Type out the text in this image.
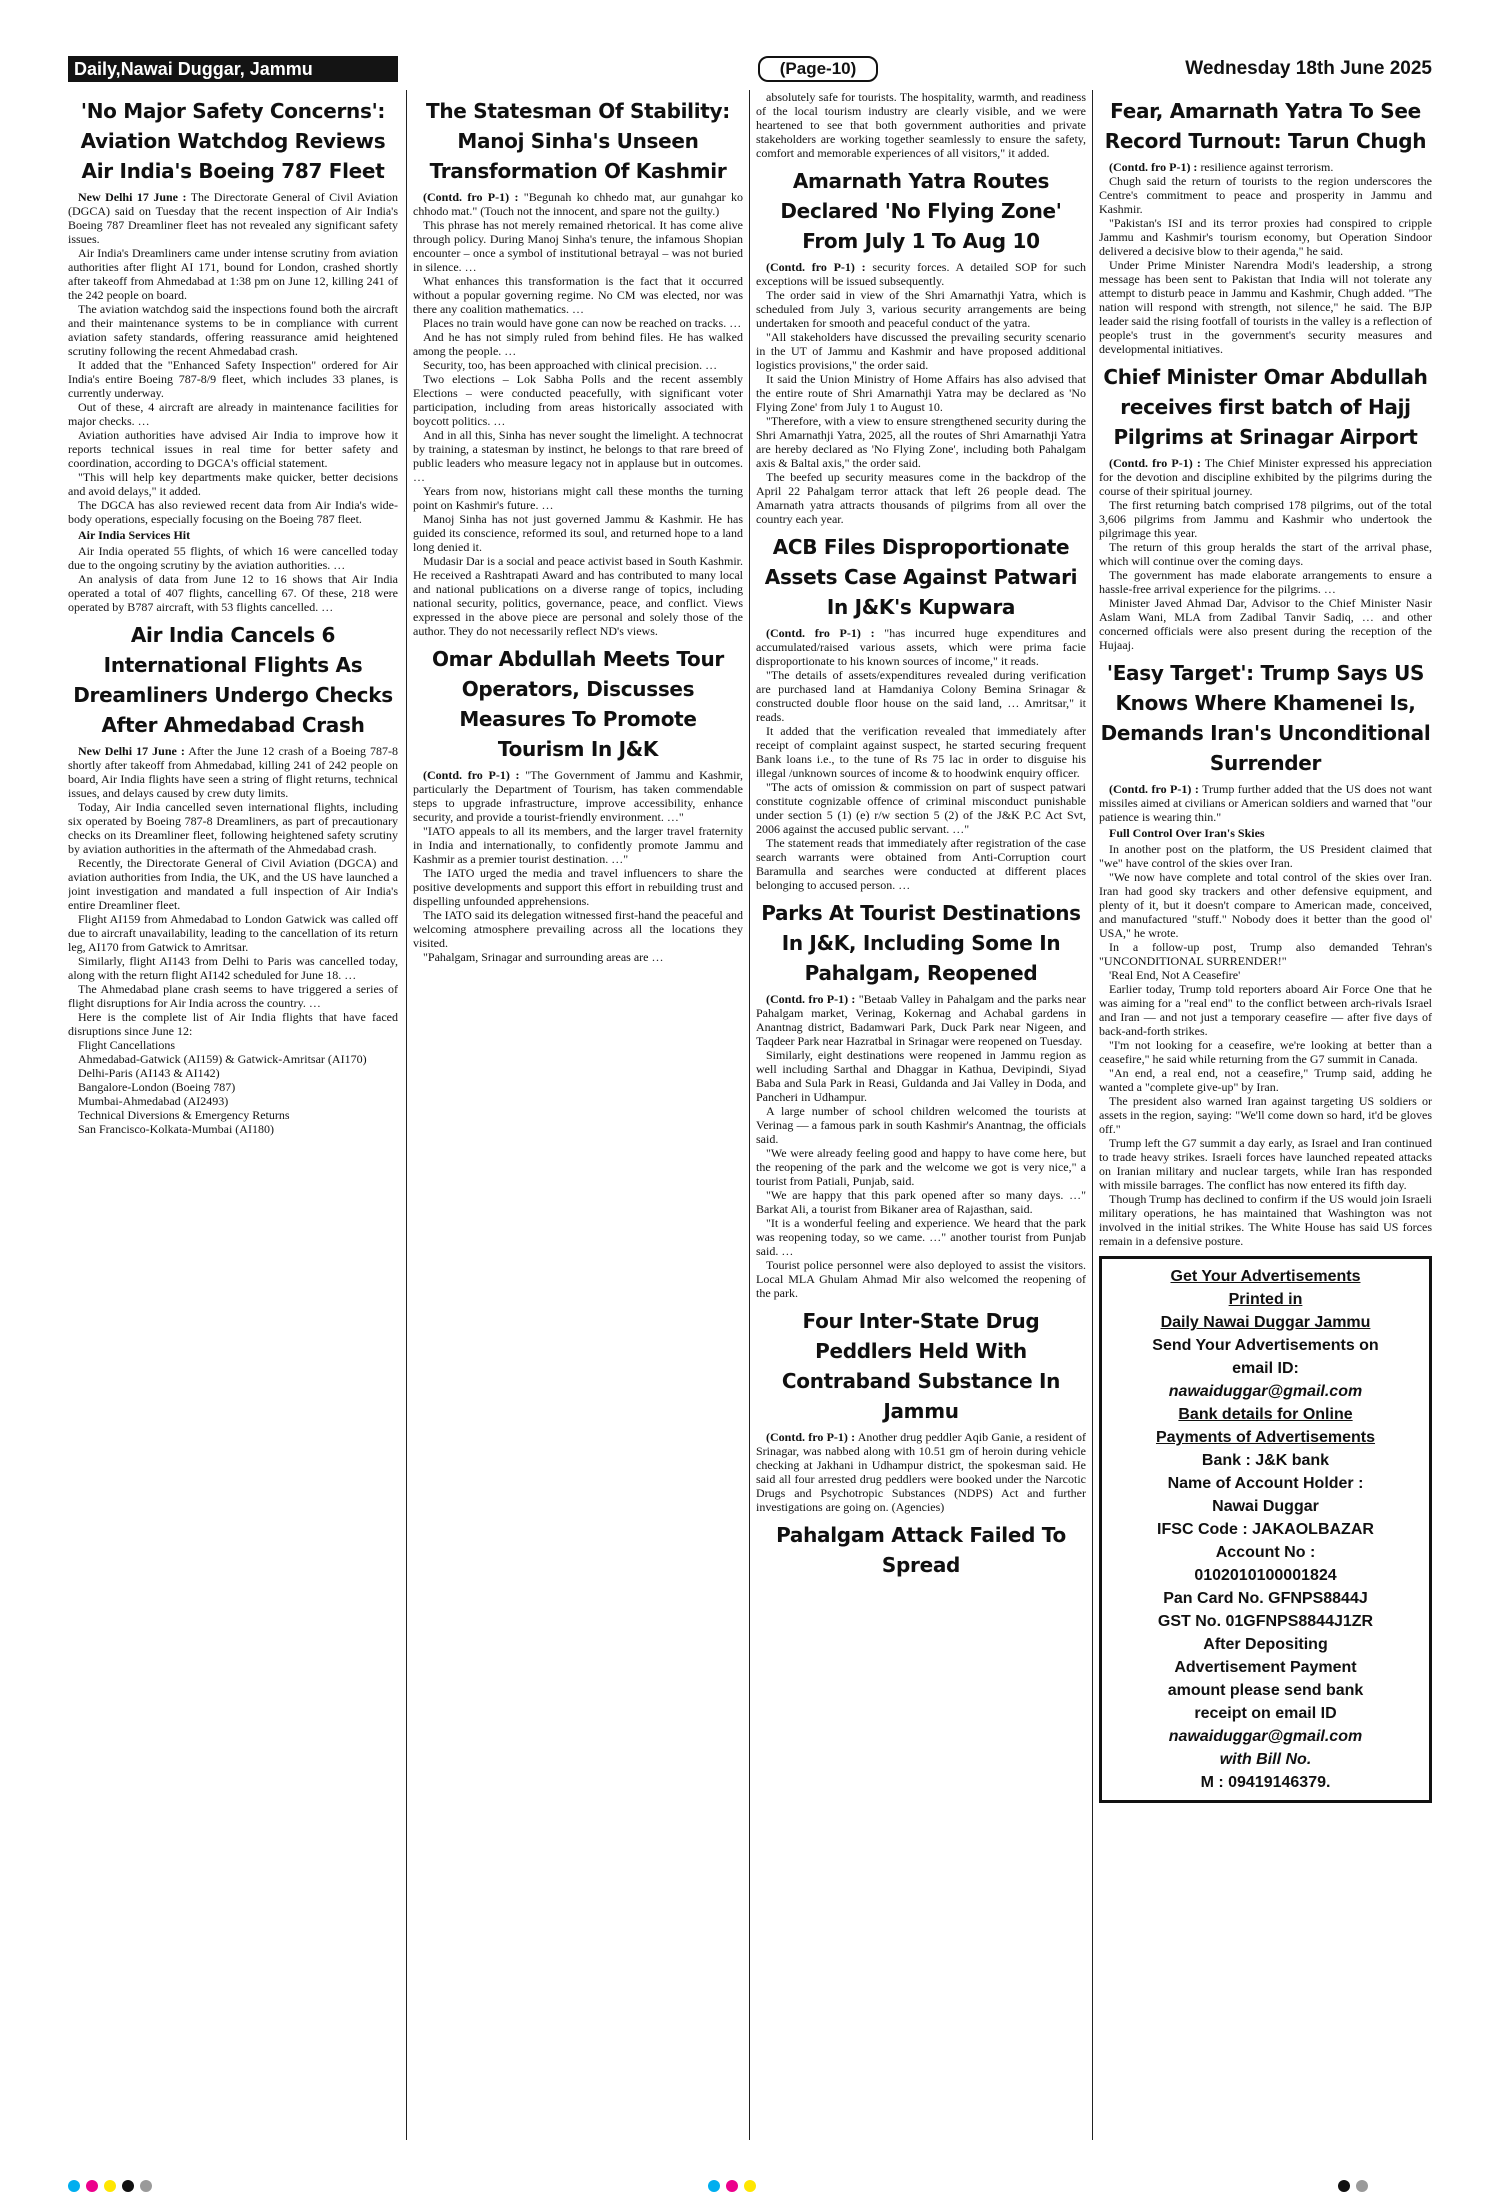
Daily,Nawai Duggar, Jammu	(Page-10)	Wednesday 18th June 2025
'No Major Safety Concerns': Aviation Watchdog Reviews Air India's Boeing 787 Fleet

New Delhi 17 June : The Directorate General of Civil Aviation (DGCA) said on Tuesday that the recent inspection of Air India's Boeing 787 Dreamliner fleet has not revealed any significant safety issues.

Air India's Dreamliners came under intense scrutiny from aviation authorities after flight AI 171, bound for London, crashed shortly after takeoff from Ahmedabad at 1:38 pm on June 12, killing 241 of the 242 people on board.

The aviation watchdog said the inspections found both the aircraft and their maintenance systems to be in compliance with current aviation safety standards, offering reassurance amid heightened scrutiny following the recent Ahmedabad crash.

It added that the "Enhanced Safety Inspection" ordered for Air India's entire Boeing 787-8/9 fleet, which includes 33 planes, is currently underway.

Out of these, 4 aircraft are already in maintenance facilities for major checks. …

Aviation authorities have advised Air India to improve how it reports technical issues in real time for better safety and coordination, according to DGCA's official statement.

"This will help key departments make quicker, better decisions and avoid delays," it added.

The DGCA has also reviewed recent data from Air India's wide-body operations, especially focusing on the Boeing 787 fleet.

Air India Services Hit

Air India operated 55 flights, of which 16 were cancelled today due to the ongoing scrutiny by the aviation authorities. …

An analysis of data from June 12 to 16 shows that Air India operated a total of 407 flights, cancelling 67. Of these, 218 were operated by B787 aircraft, with 53 flights cancelled. …

Air India Cancels 6 International Flights As Dreamliners Undergo Checks After Ahmedabad Crash

New Delhi 17 June : After the June 12 crash of a Boeing 787-8 shortly after takeoff from Ahmedabad, killing 241 of 242 people on board, Air India flights have seen a string of flight returns, technical issues, and delays caused by crew duty limits.

Today, Air India cancelled seven international flights, including six operated by Boeing 787-8 Dreamliners, as part of precautionary checks on its Dreamliner fleet, following heightened safety scrutiny by aviation authorities in the aftermath of the Ahmedabad crash.

Recently, the Directorate General of Civil Aviation (DGCA) and aviation authorities from India, the UK, and the US have launched a joint investigation and mandated a full inspection of Air India's entire Dreamliner fleet.

Flight AI159 from Ahmedabad to London Gatwick was called off due to aircraft unavailability, leading to the cancellation of its return leg, AI170 from Gatwick to Amritsar.

Similarly, flight AI143 from Delhi to Paris was cancelled today, along with the return flight AI142 scheduled for June 18. …

The Ahmedabad plane crash seems to have triggered a series of flight disruptions for Air India across the country. …

Here is the complete list of Air India flights that have faced disruptions since June 12:

Flight Cancellations

Ahmedabad-Gatwick (AI159) & Gatwick-Amritsar (AI170)

Delhi-Paris (AI143 & AI142)

Bangalore-London (Boeing 787)

Mumbai-Ahmedabad (AI2493)

Technical Diversions & Emergency Returns

San Francisco-Kolkata-Mumbai (AI180)

The Statesman Of Stability: Manoj Sinha's Unseen Transformation Of Kashmir

(Contd. fro P-1) : "Begunah ko chhedo mat, aur gunahgar ko chhodo mat." (Touch not the innocent, and spare not the guilty.)

This phrase has not merely remained rhetorical. It has come alive through policy. During Manoj Sinha's tenure, the infamous Shopian encounter – once a symbol of institutional betrayal – was not buried in silence. …

What enhances this transformation is the fact that it occurred without a popular governing regime. No CM was elected, nor was there any coalition mathematics. …

Places no train would have gone can now be reached on tracks. …

And he has not simply ruled from behind files. He has walked among the people. …

Security, too, has been approached with clinical precision. …

Two elections – Lok Sabha Polls and the recent assembly Elections – were conducted peacefully, with significant voter participation, including from areas historically associated with boycott politics. …

And in all this, Sinha has never sought the limelight. A technocrat by training, a statesman by instinct, he belongs to that rare breed of public leaders who measure legacy not in applause but in outcomes. …

Years from now, historians might call these months the turning point on Kashmir's future. …

Manoj Sinha has not just governed Jammu & Kashmir. He has guided its conscience, reformed its soul, and returned hope to a land long denied it.

Mudasir Dar is a social and peace activist based in South Kashmir. He received a Rashtrapati Award and has contributed to many local and national publications on a diverse range of topics, including national security, politics, governance, peace, and conflict. Views expressed in the above piece are personal and solely those of the author. They do not necessarily reflect ND's views.

Omar Abdullah Meets Tour Operators, Discusses Measures To Promote Tourism In J&K

(Contd. fro P-1) : "The Government of Jammu and Kashmir, particularly the Department of Tourism, has taken commendable steps to upgrade infrastructure, improve accessibility, enhance security, and provide a tourist-friendly environment. …"

"IATO appeals to all its members, and the larger travel fraternity in India and internationally, to confidently promote Jammu and Kashmir as a premier tourist destination. …"

The IATO urged the media and travel influencers to share the positive developments and support this effort in rebuilding trust and dispelling unfounded apprehensions.

The IATO said its delegation witnessed first-hand the peaceful and welcoming atmosphere prevailing across all the locations they visited.

"Pahalgam, Srinagar and surrounding areas are …

absolutely safe for tourists. The hospitality, warmth, and readiness of the local tourism industry are clearly visible, and we were heartened to see that both government authorities and private stakeholders are working together seamlessly to ensure the safety, comfort and memorable experiences of all visitors," it added.

Amarnath Yatra Routes Declared 'No Flying Zone' From July 1 To Aug 10

(Contd. fro P-1) : security forces. A detailed SOP for such exceptions will be issued subsequently.

The order said in view of the Shri Amarnathji Yatra, which is scheduled from July 3, various security arrangements are being undertaken for smooth and peaceful conduct of the yatra.

"All stakeholders have discussed the prevailing security scenario in the UT of Jammu and Kashmir and have proposed additional logistics provisions," the order said.

It said the Union Ministry of Home Affairs has also advised that the entire route of Shri Amarnathji Yatra may be declared as 'No Flying Zone' from July 1 to August 10.

"Therefore, with a view to ensure strengthened security during the Shri Amarnathji Yatra, 2025, all the routes of Shri Amarnathji Yatra are hereby declared as 'No Flying Zone', including both Pahalgam axis & Baltal axis," the order said.

The beefed up security measures come in the backdrop of the April 22 Pahalgam terror attack that left 26 people dead. The Amarnath yatra attracts thousands of pilgrims from all over the country each year.

ACB Files Disproportionate Assets Case Against Patwari In J&K's Kupwara

(Contd. fro P-1) : "has incurred huge expenditures and accumulated/raised various assets, which were prima facie disproportionate to his known sources of income," it reads.

"The details of assets/expenditures revealed during verification are purchased land at Hamdaniya Colony Bemina Srinagar & constructed double floor house on the said land, … Amritsar," it reads.

It added that the verification revealed that immediately after receipt of complaint against suspect, he started securing frequent Bank loans i.e., to the tune of Rs 75 lac in order to disguise his illegal /unknown sources of income & to hoodwink enquiry officer.

"The acts of omission & commission on part of suspect patwari constitute cognizable offence of criminal misconduct punishable under section 5 (1) (e) r/w section 5 (2) of the J&K P.C Act Svt, 2006 against the accused public servant. …"

The statement reads that immediately after registration of the case search warrants were obtained from Anti-Corruption court Baramulla and searches were conducted at different places belonging to accused person. …

Parks At Tourist Destinations In J&K, Including Some In Pahalgam, Reopened

(Contd. fro P-1) : "Betaab Valley in Pahalgam and the parks near Pahalgam market, Verinag, Kokernag and Achabal gardens in Anantnag district, Badamwari Park, Duck Park near Nigeen, and Taqdeer Park near Hazratbal in Srinagar were reopened on Tuesday.

Similarly, eight destinations were reopened in Jammu region as well including Sarthal and Dhaggar in Kathua, Devipindi, Siyad Baba and Sula Park in Reasi, Guldanda and Jai Valley in Doda, and Pancheri in Udhampur.

A large number of school children welcomed the tourists at Verinag — a famous park in south Kashmir's Anantnag, the officials said.

"We were already feeling good and happy to have come here, but the reopening of the park and the welcome we got is very nice," a tourist from Patiali, Punjab, said.

"We are happy that this park opened after so many days. …" Barkat Ali, a tourist from Bikaner area of Rajasthan, said.

"It is a wonderful feeling and experience. We heard that the park was reopening today, so we came. …" another tourist from Punjab said. …

Tourist police personnel were also deployed to assist the visitors. Local MLA Ghulam Ahmad Mir also welcomed the reopening of the park.

Four Inter-State Drug Peddlers Held With Contraband Substance In Jammu

(Contd. fro P-1) : Another drug peddler Aqib Ganie, a resident of Srinagar, was nabbed along with 10.51 gm of heroin during vehicle checking at Jakhani in Udhampur district, the spokesman said. He said all four arrested drug peddlers were booked under the Narcotic Drugs and Psychotropic Substances (NDPS) Act and further investigations are going on. (Agencies)

Pahalgam Attack Failed To Spread
Fear, Amarnath Yatra To See Record Turnout: Tarun Chugh

(Contd. fro P-1) : resilience against terrorism.

Chugh said the return of tourists to the region underscores the Centre's commitment to peace and prosperity in Jammu and Kashmir.

"Pakistan's ISI and its terror proxies had conspired to cripple Jammu and Kashmir's tourism economy, but Operation Sindoor delivered a decisive blow to their agenda," he said.

Under Prime Minister Narendra Modi's leadership, a strong message has been sent to Pakistan that India will not tolerate any attempt to disturb peace in Jammu and Kashmir, Chugh added. "The nation will respond with strength, not silence," he said. The BJP leader said the rising footfall of tourists in the valley is a reflection of people's trust in the government's security measures and developmental initiatives.

Chief Minister Omar Abdullah receives first batch of Hajj Pilgrims at Srinagar Airport

(Contd. fro P-1) : The Chief Minister expressed his appreciation for the devotion and discipline exhibited by the pilgrims during the course of their spiritual journey.

The first returning batch comprised 178 pilgrims, out of the total 3,606 pilgrims from Jammu and Kashmir who undertook the pilgrimage this year.

The return of this group heralds the start of the arrival phase, which will continue over the coming days.

The government has made elaborate arrangements to ensure a hassle-free arrival experience for the pilgrims. …

Minister Javed Ahmad Dar, Advisor to the Chief Minister Nasir Aslam Wani, MLA from Zadibal Tanvir Sadiq, … and other concerned officials were also present during the reception of the Hujaaj.

'Easy Target': Trump Says US Knows Where Khamenei Is, Demands Iran's Unconditional Surrender

(Contd. fro P-1) : Trump further added that the US does not want missiles aimed at civilians or American soldiers and warned that "our patience is wearing thin."

Full Control Over Iran's Skies

In another post on the platform, the US President claimed that "we" have control of the skies over Iran.

"We now have complete and total control of the skies over Iran. Iran had good sky trackers and other defensive equipment, and plenty of it, but it doesn't compare to American made, conceived, and manufactured "stuff." Nobody does it better than the good ol' USA," he wrote.

In a follow-up post, Trump also demanded Tehran's "UNCONDITIONAL SURRENDER!"

'Real End, Not A Ceasefire'

Earlier today, Trump told reporters aboard Air Force One that he was aiming for a "real end" to the conflict between arch-rivals Israel and Iran — and not just a temporary ceasefire — after five days of back-and-forth strikes.

"I'm not looking for a ceasefire, we're looking at better than a ceasefire," he said while returning from the G7 summit in Canada.

"An end, a real end, not a ceasefire," Trump said, adding he wanted a "complete give-up" by Iran.

The president also warned Iran against targeting US soldiers or assets in the region, saying: "We'll come down so hard, it'd be gloves off."

Trump left the G7 summit a day early, as Israel and Iran continued to trade heavy strikes. Israeli forces have launched repeated attacks on Iranian military and nuclear targets, while Iran has responded with missile barrages. The conflict has now entered its fifth day.

Though Trump has declined to confirm if the US would join Israeli military operations, he has maintained that Washington was not involved in the initial strikes. The White House has said US forces remain in a defensive posture.

Get Your Advertisements
Printed in
Daily Nawai Duggar Jammu
Send Your Advertisements on
email ID:
nawaiduggar@gmail.com
Bank details for Online
Payments of Advertisements
Bank : J&K bank
Name of Account Holder :
Nawai Duggar
IFSC Code : JAKAOLBAZAR
Account No :
0102010100001824
Pan Card No. GFNPS8844J
GST No. 01GFNPS8844J1ZR
After Depositing
Advertisement Payment
amount please send bank
receipt on email ID
nawaiduggar@gmail.com
with Bill No.
M : 09419146379.
